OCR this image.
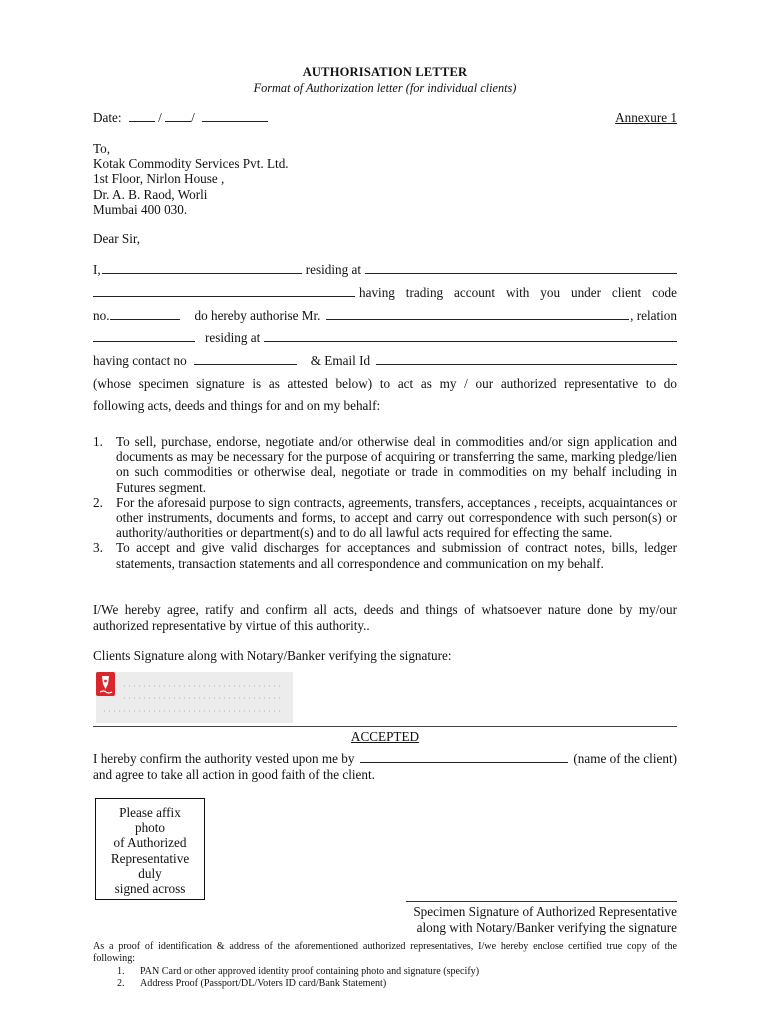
AUTHORISATION LETTER
Format of Authorization letter (for individual clients)
Date:	/ /	Annexure 1
To,
Kotak Commodity Services Pvt. Ltd.
1st Floor, Nirlon House ,
Dr. A. B. Raod, Worli
Mumbai 400 030.
Dear Sir,
I,	residing at
having trading account with you under client code
no.	do hereby authorise Mr.	, relation
residing at
having contact no	& Email Id
(whose specimen signature is as attested below) to act as my / our authorized representative to do
following acts, deeds and things for and on my behalf:
1. To sell, purchase, endorse, negotiate and/or otherwise deal in commodities and/or sign application and documents as may be necessary for the purpose of acquiring or transferring the same, marking pledge/lien on such commodities or otherwise deal, negotiate or trade in commodities on my behalf including in Futures segment.
2. For the aforesaid purpose to sign contracts, agreements, transfers, acceptances , receipts, acquaintances or other instruments, documents and forms, to accept and carry out correspondence with such person(s) or authority/authorities or department(s) and to do all lawful acts required for effecting the same.
3. To accept and give valid discharges for acceptances and submission of contract notes, bills, ledger statements, transaction statements and all correspondence and communication on my behalf.
I/We hereby agree, ratify and confirm all acts, deeds and things of whatsoever nature done by my/our authorized representative by virtue of this authority..
Clients Signature along with Notary/Banker verifying the signature:
ACCEPTED
I hereby confirm the authority vested upon me by	(name of the client)
and agree to take all action in good faith of the client.
Please affix
photo
of Authorized
Representative
duly
signed across
Specimen Signature of Authorized Representative
along with Notary/Banker verifying the signature
As a proof of identification & address of the aforementioned authorized representatives, I/we hereby enclose certified true copy of the following:
1. PAN Card or other approved identity proof containing photo and signature (specify)
2. Address Proof (Passport/DL/Voters ID card/Bank Statement)
